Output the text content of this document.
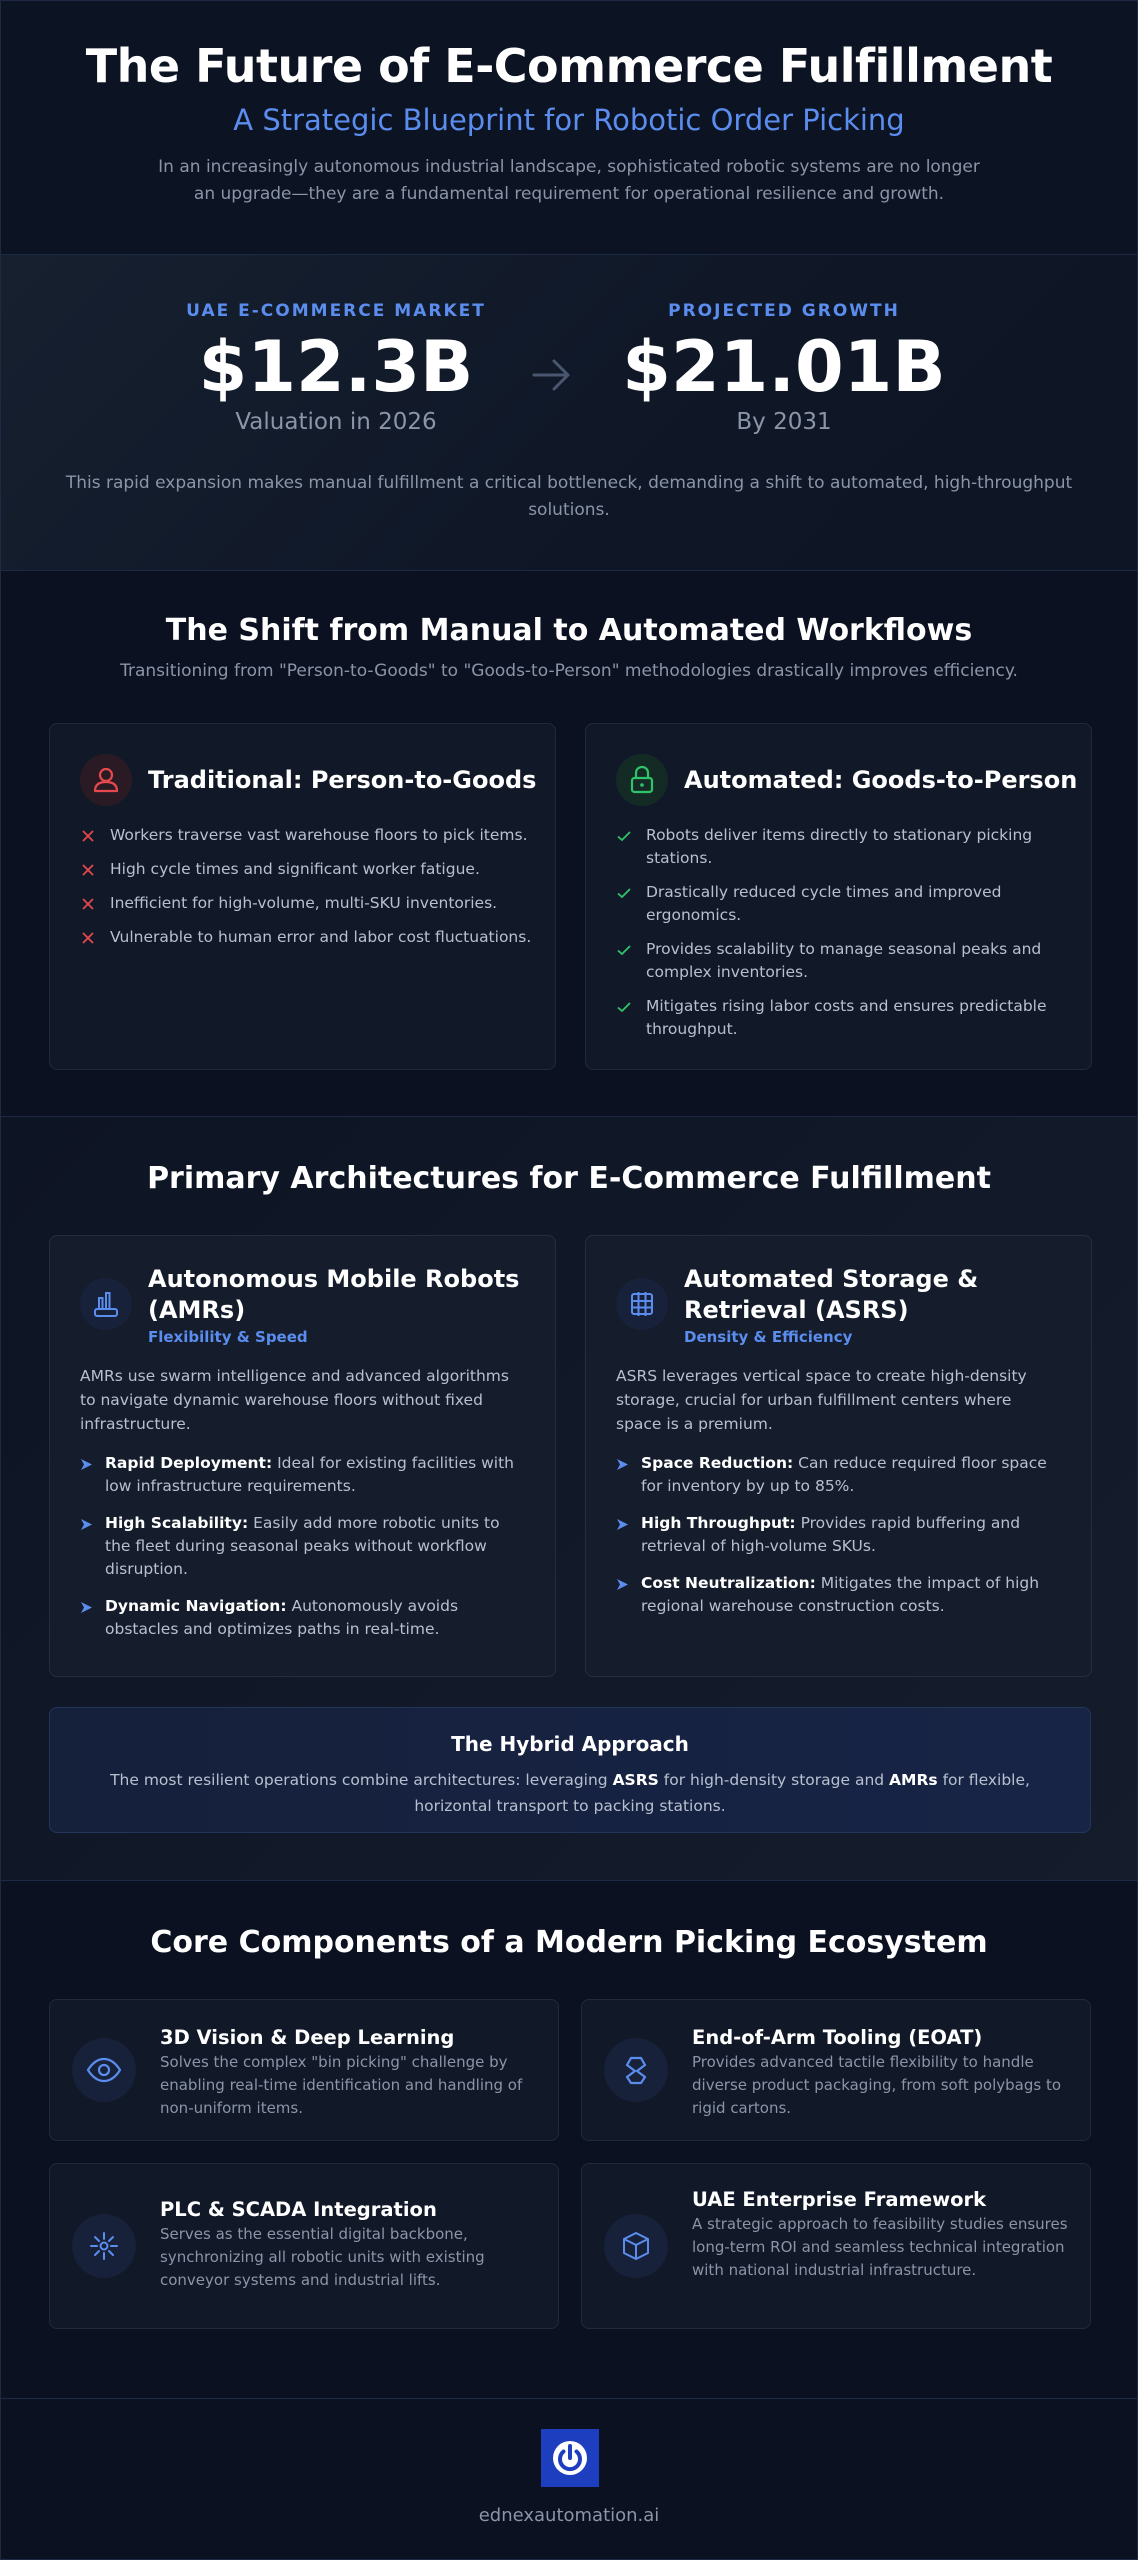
The Future of E-Commerce Fulfillment
A Strategic Blueprint for Robotic Order Picking

In an increasingly autonomous industrial landscape, sophisticated robotic systems are no longer an upgrade—they are a fundamental requirement for operational resilience and growth.

UAE E-COMMERCE MARKET
$12.3B
Valuation in 2026
PROJECTED GROWTH
$21.01B
By 2031

This rapid expansion makes manual fulfillment a critical bottleneck, demanding a shift to automated, high-throughput solutions.

The Shift from Manual to Automated Workflows
Transitioning from "Person-to-Goods" to "Goods-to-Person" methodologies drastically improves efficiency.
Traditional: Person-to-Goods
Workers traverse vast warehouse floors to pick items.
High cycle times and significant worker fatigue.
Inefficient for high-volume, multi-SKU inventories.
Vulnerable to human error and labor cost fluctuations.
Automated: Goods-to-Person
Robots deliver items directly to stationary picking stations.
Drastically reduced cycle times and improved ergonomics.
Provides scalability to manage seasonal peaks and complex inventories.
Mitigates rising labor costs and ensures predictable throughput.
Primary Architectures for E-Commerce Fulfillment
Autonomous Mobile Robots (AMRs)
Flexibility & Speed
AMRs use swarm intelligence and advanced algorithms to navigate dynamic warehouse floors without fixed infrastructure.
Rapid Deployment: Ideal for existing facilities with low infrastructure requirements.
High Scalability: Easily add more robotic units to the fleet during seasonal peaks without workflow disruption.
Dynamic Navigation: Autonomously avoids obstacles and optimizes paths in real-time.
Automated Storage & Retrieval (ASRS)
Density & Efficiency
ASRS leverages vertical space to create high-density storage, crucial for urban fulfillment centers where space is a premium.
Space Reduction: Can reduce required floor space for inventory by up to 85%.
High Throughput: Provides rapid buffering and retrieval of high-volume SKUs.
Cost Neutralization: Mitigates the impact of high regional warehouse construction costs.
The Hybrid Approach
The most resilient operations combine architectures: leveraging ASRS for high-density storage and AMRs for flexible, horizontal transport to packing stations.
Core Components of a Modern Picking Ecosystem
3D Vision & Deep Learning
Solves the complex "bin picking" challenge by enabling real-time identification and handling of non-uniform items.
End-of-Arm Tooling (EOAT)
Provides advanced tactile flexibility to handle diverse product packaging, from soft polybags to rigid cartons.
PLC & SCADA Integration
Serves as the essential digital backbone, synchronizing all robotic units with existing conveyor systems and industrial lifts.
UAE Enterprise Framework
A strategic approach to feasibility studies ensures long-term ROI and seamless technical integration with national industrial infrastructure.
ednexautomation.ai
